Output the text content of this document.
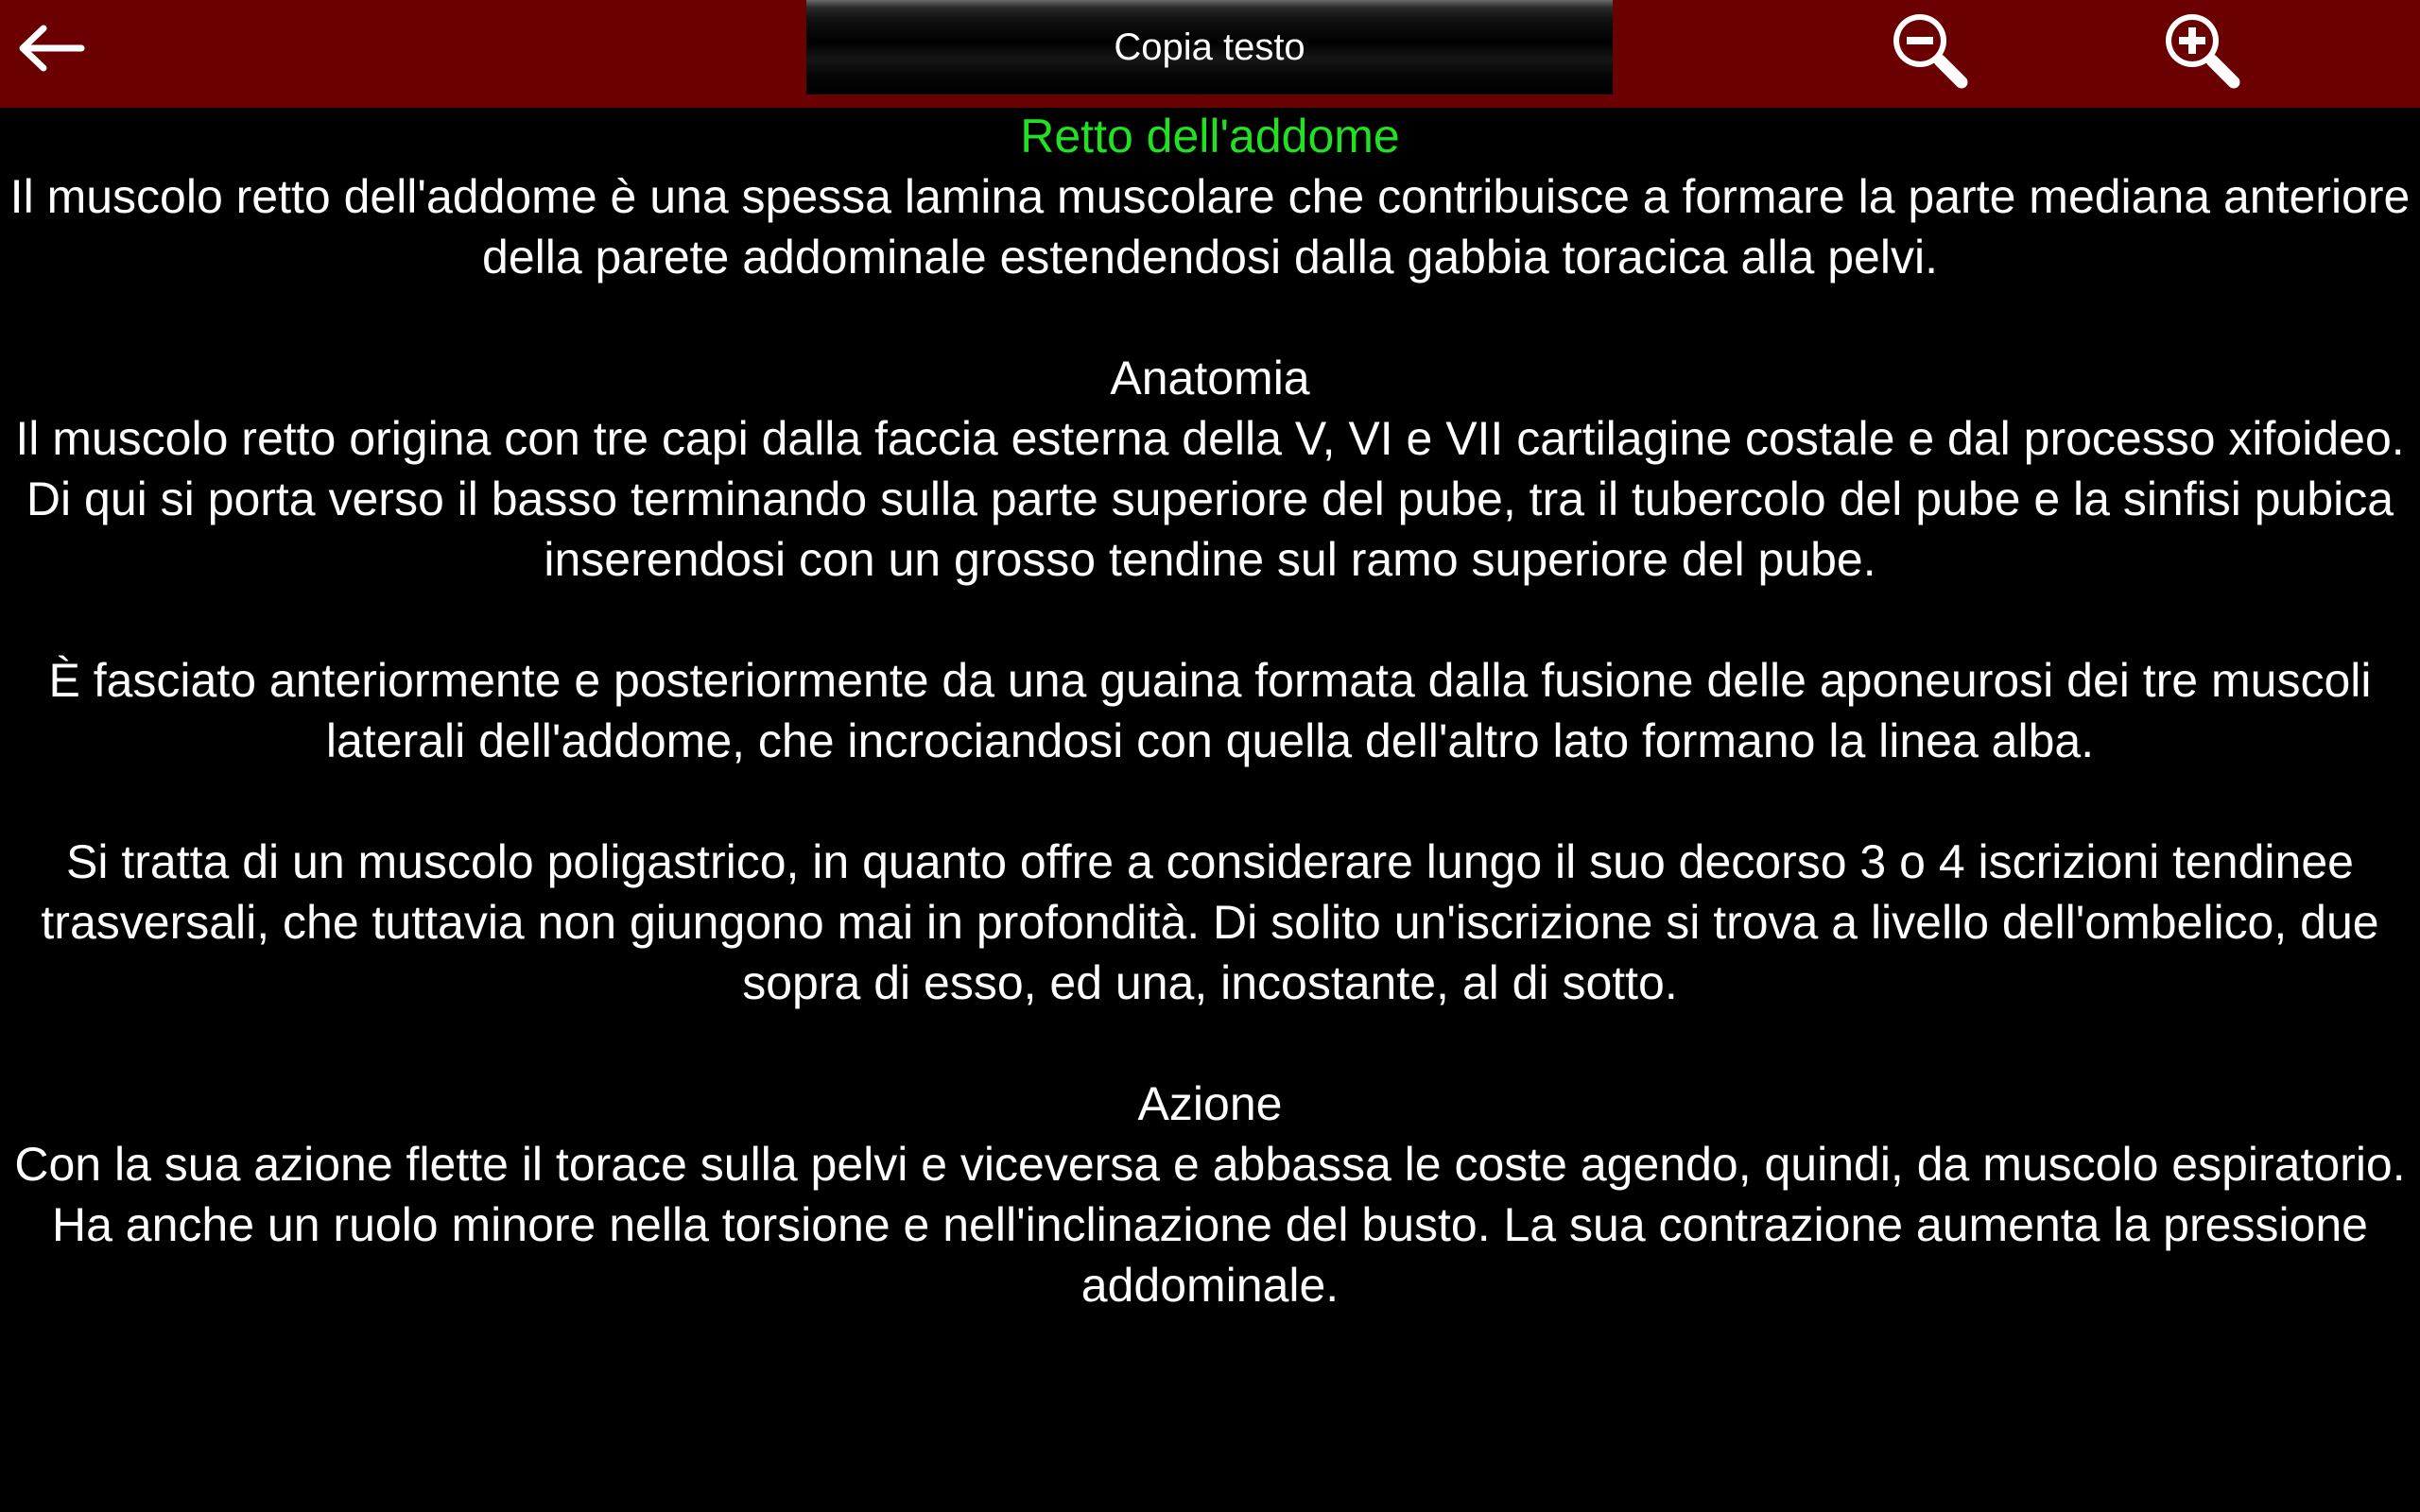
Copia testo

Retto dell'addome

Il muscolo retto dell'addome è una spessa lamina muscolare che contribuisce a formare la parte mediana anteriore della parete addominale estendendosi dalla gabbia toracica alla pelvi.

Anatomia

Il muscolo retto origina con tre capi dalla faccia esterna della V, VI e VII cartilagine costale e dal processo xifoideo. Di qui si porta verso il basso terminando sulla parte superiore del pube, tra il tubercolo del pube e la sinfisi pubica inserendosi con un grosso tendine sul ramo superiore del pube.

È fasciato anteriormente e posteriormente da una guaina formata dalla fusione delle aponeurosi dei tre muscoli laterali dell'addome, che incrociandosi con quella dell'altro lato formano la linea alba.

Si tratta di un muscolo poligastrico, in quanto offre a considerare lungo il suo decorso 3 o 4 iscrizioni tendinee trasversali, che tuttavia non giungono mai in profondità. Di solito un'iscrizione si trova a livello dell'ombelico, due sopra di esso, ed una, incostante, al di sotto.

Azione

Con la sua azione flette il torace sulla pelvi e viceversa e abbassa le coste agendo, quindi, da muscolo espiratorio. Ha anche un ruolo minore nella torsione e nell'inclinazione del busto. La sua contrazione aumenta la pressione addominale.
